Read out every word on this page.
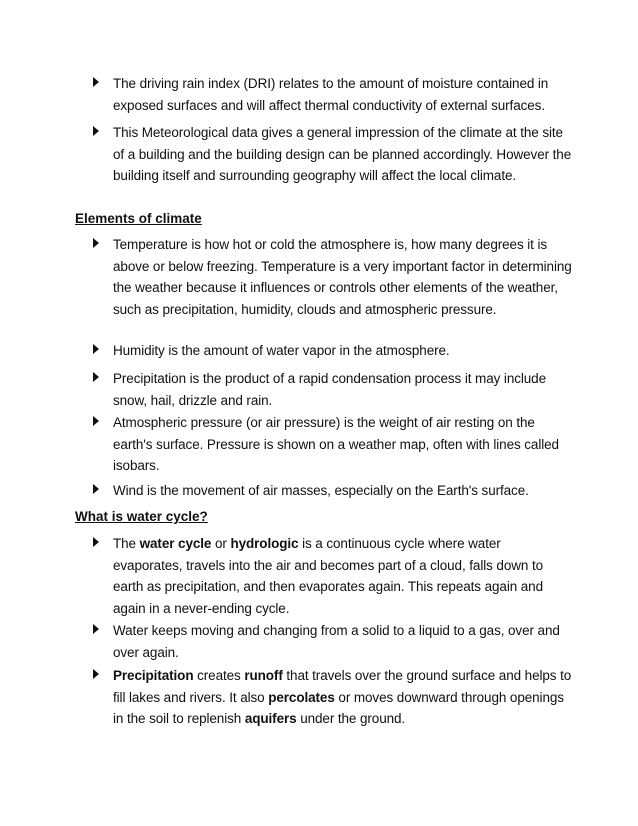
The driving rain index (DRI) relates to the amount of moisture contained in exposed surfaces and will affect thermal conductivity of external surfaces.
This Meteorological data gives a general impression of the climate at the site of a building and the building design can be planned accordingly. However the building itself and surrounding geography will affect the local climate.
Elements of climate
Temperature is how hot or cold the atmosphere is, how many degrees it is above or below freezing. Temperature is a very important factor in determining the weather because it influences or controls other elements of the weather, such as precipitation, humidity, clouds and atmospheric pressure.
Humidity is the amount of water vapor in the atmosphere.
Precipitation is the product of a rapid condensation process it may include snow, hail, drizzle and rain.
Atmospheric pressure (or air pressure) is the weight of air resting on the earth's surface. Pressure is shown on a weather map, often with lines called isobars.
Wind is the movement of air masses, especially on the Earth's surface.
What is water cycle?
The water cycle or hydrologic is a continuous cycle where water evaporates, travels into the air and becomes part of a cloud, falls down to earth as precipitation, and then evaporates again. This repeats again and again in a never-ending cycle.
Water keeps moving and changing from a solid to a liquid to a gas, over and over again.
Precipitation creates runoff that travels over the ground surface and helps to fill lakes and rivers. It also percolates or moves downward through openings in the soil to replenish aquifers under the ground.
